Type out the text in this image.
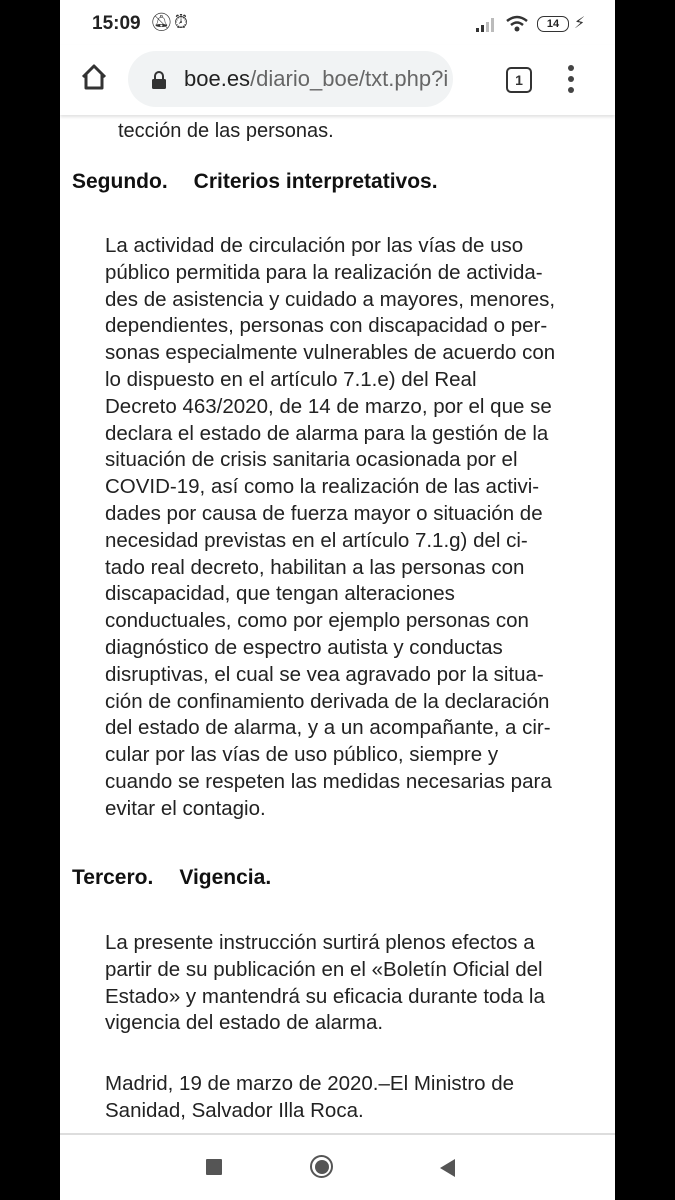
15:09 🔕︎ ⏰︎	14 ⚡︎
boe.es/diario_boe/txt.php?i	1
tección de las personas.
Segundo. Criterios interpretativos.
La actividad de circulación por las vías de uso
público permitida para la realización de activida-
des de asistencia y cuidado a mayores, menores,
dependientes, personas con discapacidad o per-
sonas especialmente vulnerables de acuerdo con
lo dispuesto en el artículo 7.1.e) del Real
Decreto 463/2020, de 14 de marzo, por el que se
declara el estado de alarma para la gestión de la
situación de crisis sanitaria ocasionada por el
COVID-19, así como la realización de las activi-
dades por causa de fuerza mayor o situación de
necesidad previstas en el artículo 7.1.g) del ci-
tado real decreto, habilitan a las personas con
discapacidad, que tengan alteraciones
conductuales, como por ejemplo personas con
diagnóstico de espectro autista y conductas
disruptivas, el cual se vea agravado por la situa-
ción de confinamiento derivada de la declaración
del estado de alarma, y a un acompañante, a cir-
cular por las vías de uso público, siempre y
cuando se respeten las medidas necesarias para
evitar el contagio.
Tercero. Vigencia.
La presente instrucción surtirá plenos efectos a
partir de su publicación en el «Boletín Oficial del
Estado» y mantendrá su eficacia durante toda la
vigencia del estado de alarma.
Madrid, 19 de marzo de 2020.–El Ministro de
Sanidad, Salvador Illa Roca.
